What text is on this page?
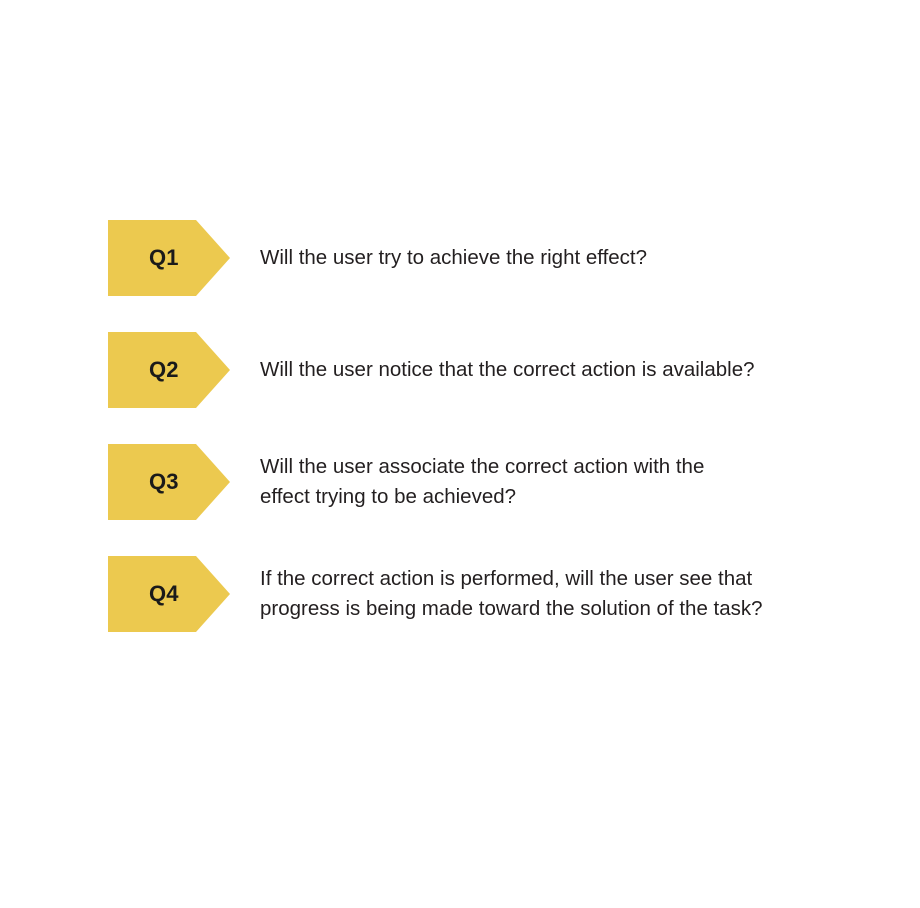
Q1	Will the user try to achieve the right effect?
Q2	Will the user notice that the correct action is available?
Q3
Will the user associate the correct action with the
effect trying to be achieved?
Q4
If the correct action is performed, will the user see that
progress is being made toward the solution of the task?
